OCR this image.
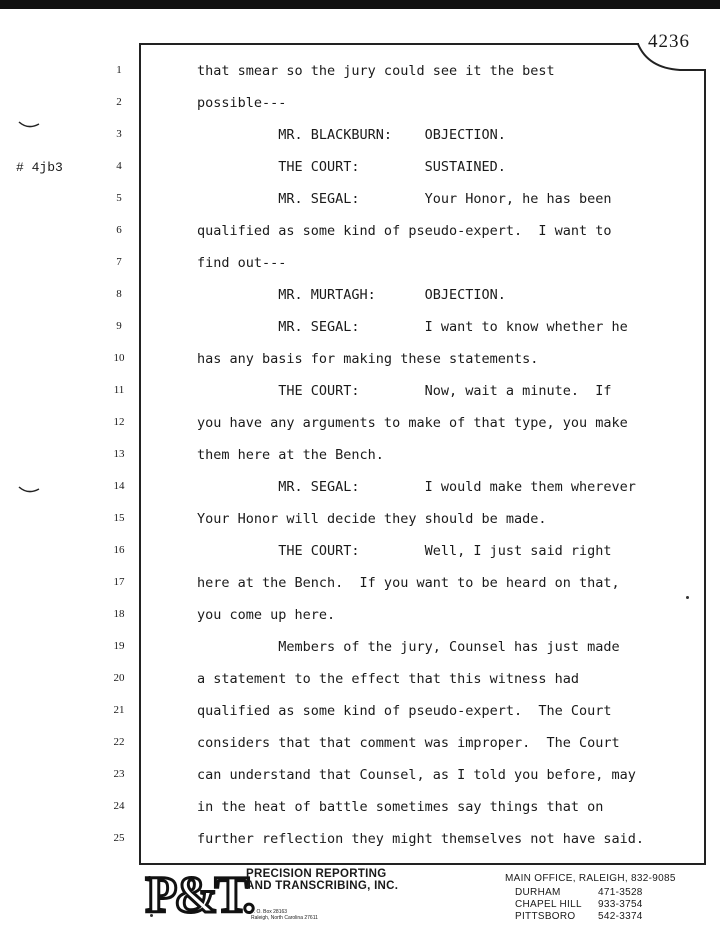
4236
# 4jb3
1	that smear so the jury could see it the best
2	possible---
3	MR. BLACKBURN:    OBJECTION.
4	THE COURT:        SUSTAINED.
5	MR. SEGAL:        Your Honor, he has been
6	qualified as some kind of pseudo-expert.  I want to
7	find out---
8	MR. MURTAGH:      OBJECTION.
9	MR. SEGAL:        I want to know whether he
10	has any basis for making these statements.
11	THE COURT:        Now, wait a minute.  If
12	you have any arguments to make of that type, you make
13	them here at the Bench.
14	MR. SEGAL:        I would make them wherever
15	Your Honor will decide they should be made.
16	THE COURT:        Well, I just said right
17	here at the Bench.  If you want to be heard on that,
18	you come up here.
19	Members of the jury, Counsel has just made
20	a statement to the effect that this witness had
21	qualified as some kind of pseudo-expert.  The Court
22	considers that that comment was improper.  The Court
23	can understand that Counsel, as I told you before, may
24	in the heat of battle sometimes say things that on
25	further reflection they might themselves not have said.
P&T.
PRECISION REPORTING
AND TRANSCRIBING, INC.
P. O. Box 28163
Raleigh, North Carolina 27611
MAIN OFFICE, RALEIGH, 832-9085
DURHAM	471-3528
CHAPEL HILL 933-3754
PITTSBORO 542-3374
